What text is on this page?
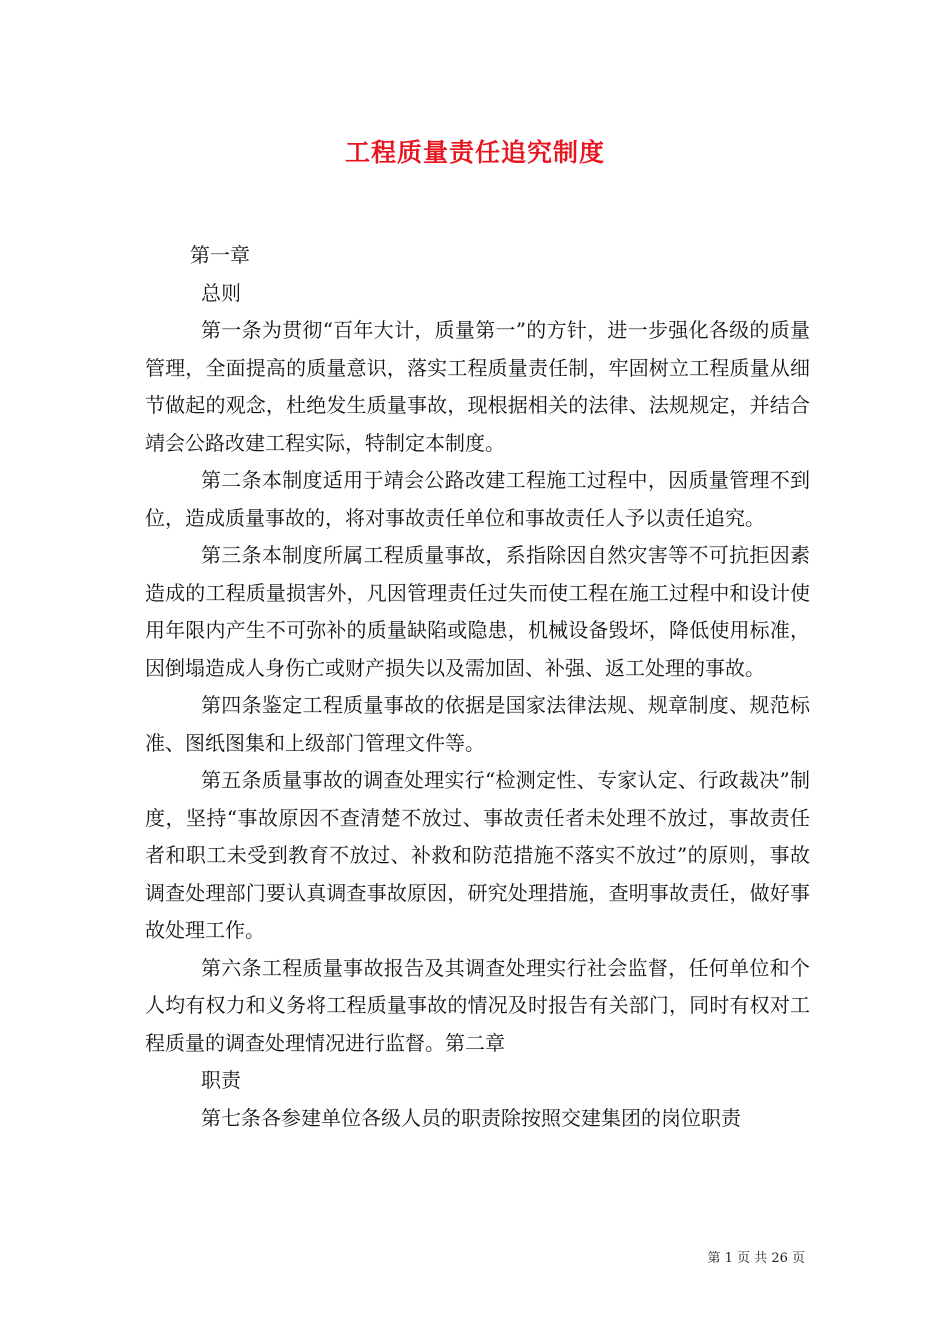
工程质量责任追究制度

第一章

总则

第一条为贯彻“百年大计，质量第一”的方针，进一步强化各级的质量管理，全面提高的质量意识，落实工程质量责任制，牢固树立工程质量从细节做起的观念，杜绝发生质量事故，现根据相关的法律、法规规定，并结合靖会公路改建工程实际，特制定本制度。

第二条本制度适用于靖会公路改建工程施工过程中，因质量管理不到位，造成质量事故的，将对事故责任单位和事故责任人予以责任追究。

第三条本制度所属工程质量事故，系指除因自然灾害等不可抗拒因素造成的工程质量损害外，凡因管理责任过失而使工程在施工过程中和设计使用年限内产生不可弥补的质量缺陷或隐患，机械设备毁坏，降低使用标准，因倒塌造成人身伤亡或财产损失以及需加固、补强、返工处理的事故。

第四条鉴定工程质量事故的依据是国家法律法规、规章制度、规范标准、图纸图集和上级部门管理文件等。

第五条质量事故的调查处理实行“检测定性、专家认定、行政裁决”制度，坚持“事故原因不查清楚不放过、事故责任者未处理不放过，事故责任者和职工未受到教育不放过、补救和防范措施不落实不放过”的原则，事故调查处理部门要认真调查事故原因，研究处理措施，查明事故责任，做好事故处理工作。

第六条工程质量事故报告及其调查处理实行社会监督，任何单位和个人均有权力和义务将工程质量事故的情况及时报告有关部门，同时有权对工程质量的调查处理情况进行监督。第二章

职责

第七条各参建单位各级人员的职责除按照交建集团的岗位职责

第 1 页 共 26 页
